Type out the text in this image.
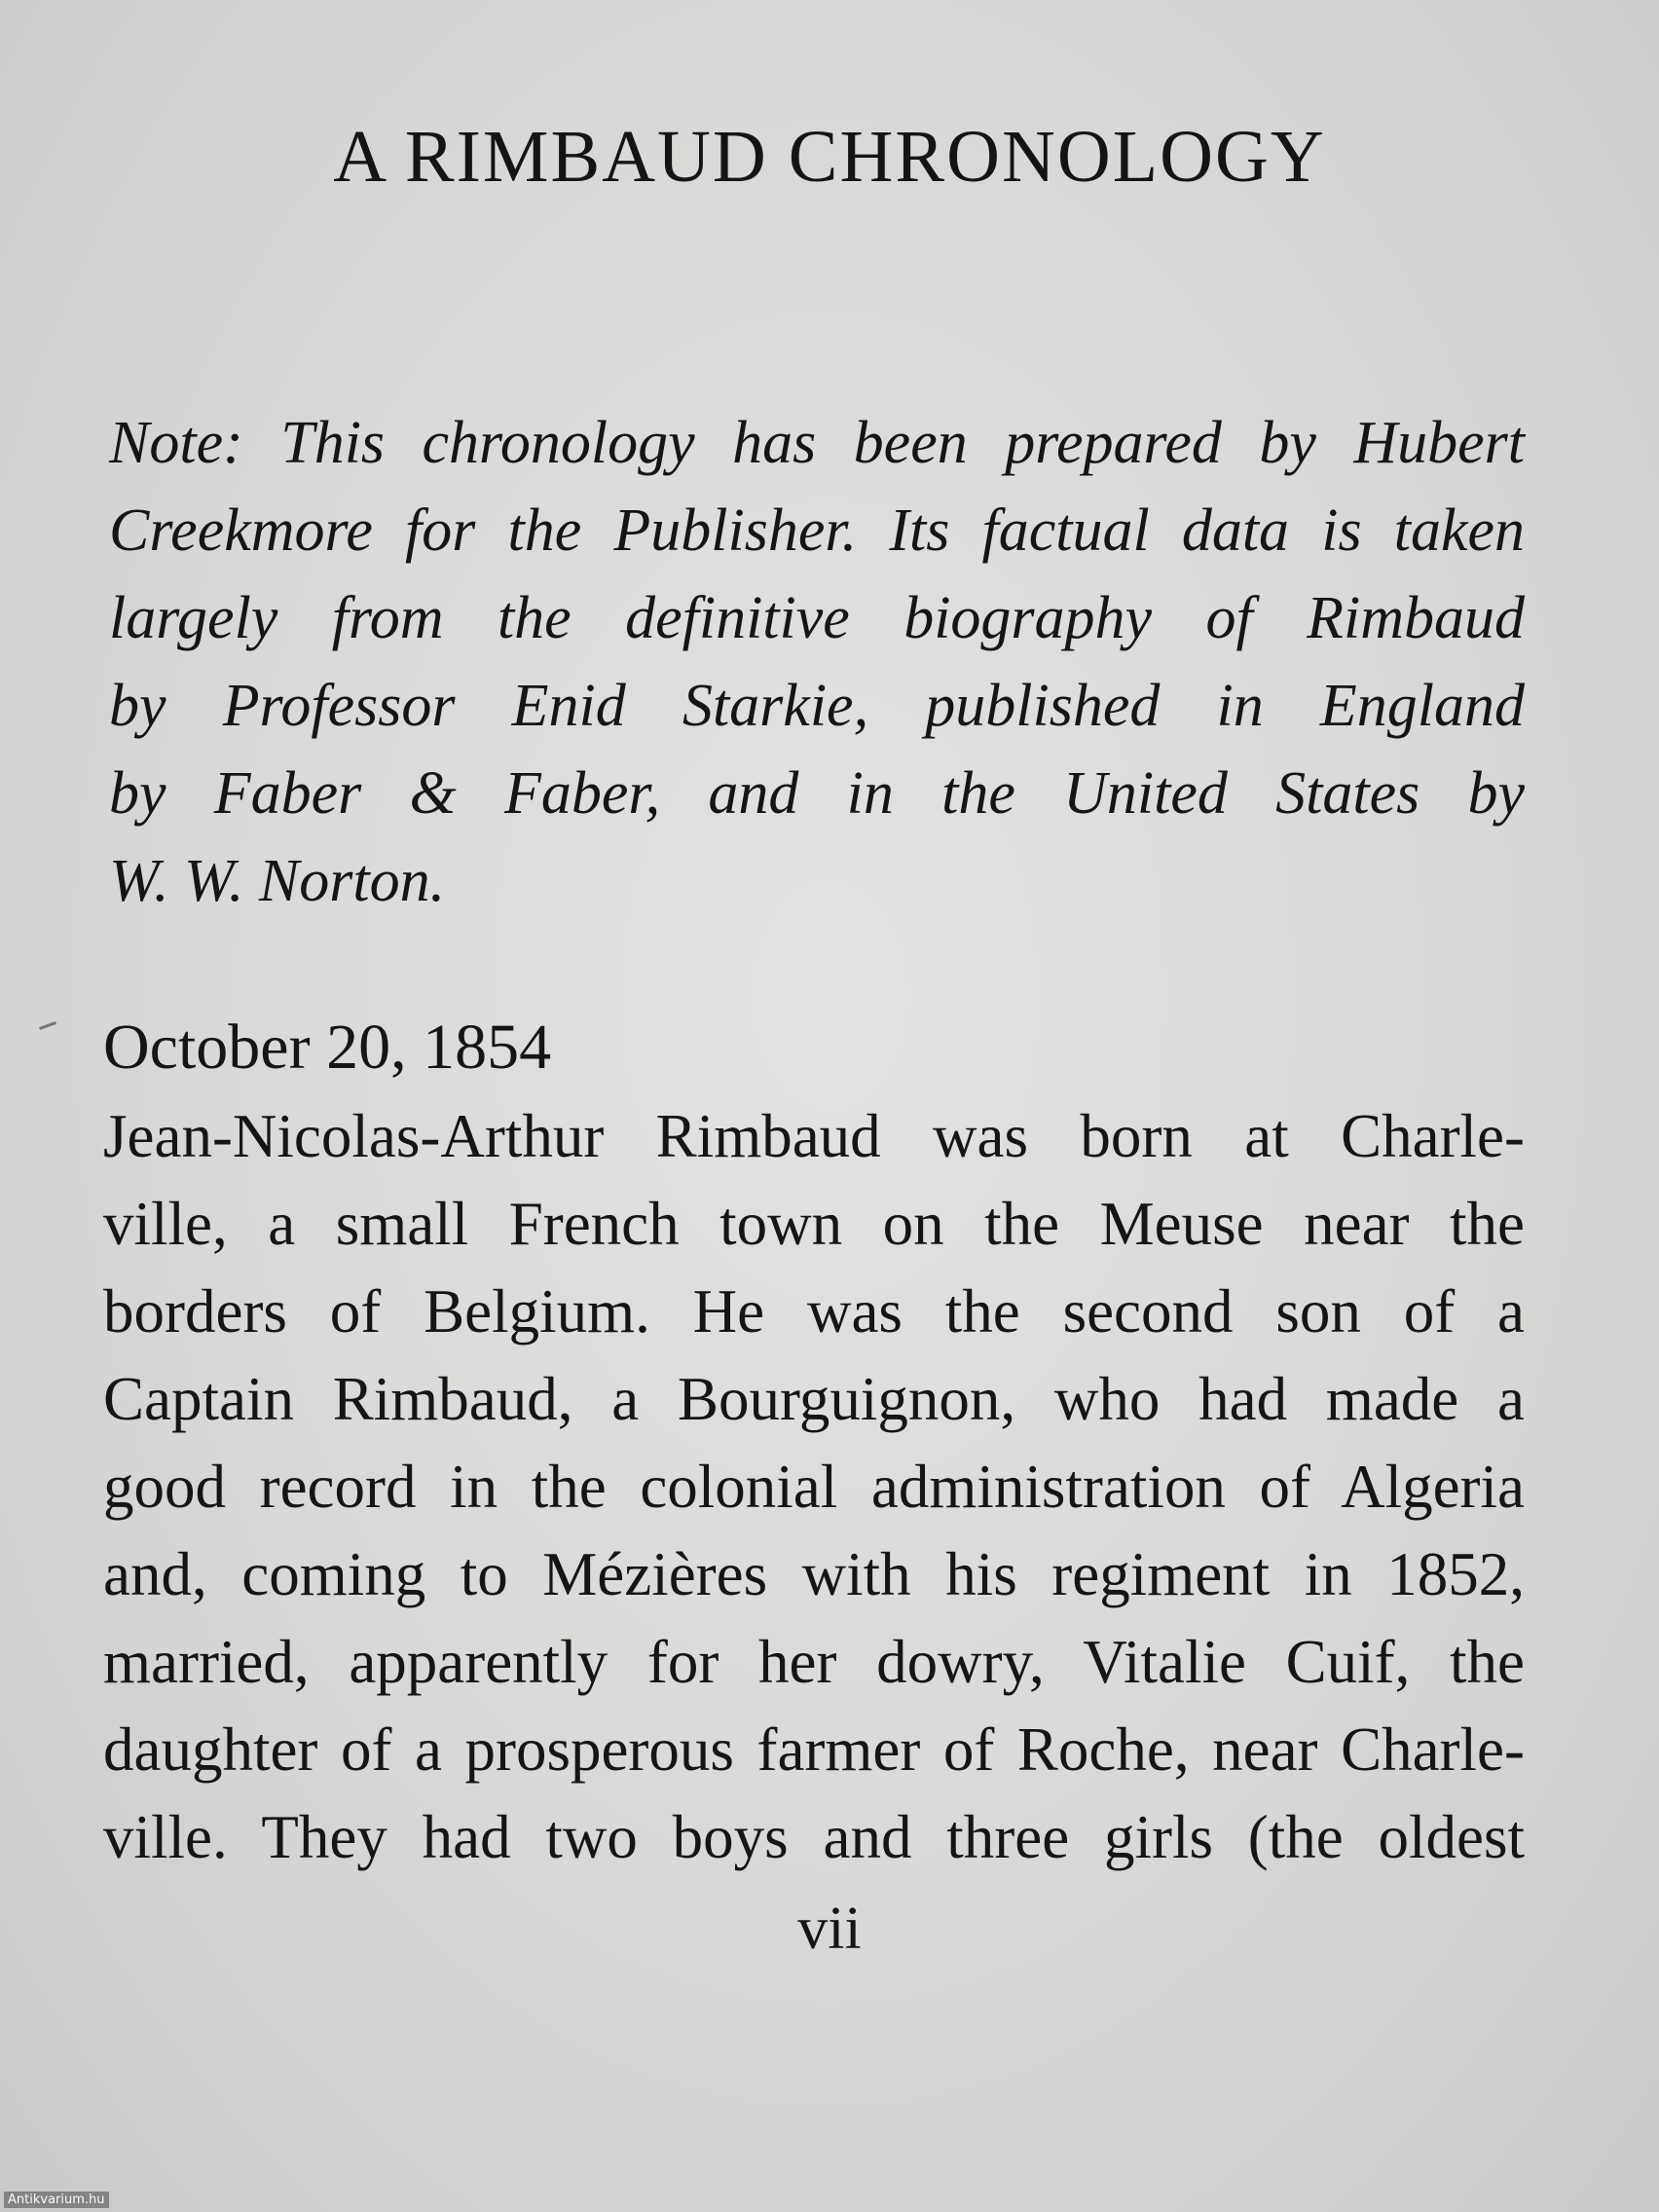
A RIMBAUD CHRONOLOGY
Note: This chronology has been prepared by Hubert
Creekmore for the Publisher. Its factual data is taken
largely from the definitive biography of Rimbaud
by Professor Enid Starkie, published in England
by Faber & Faber, and in the United States by
W. W. Norton.
October 20, 1854
Jean-Nicolas-Arthur Rimbaud was born at Charle-
ville, a small French town on the Meuse near the
borders of Belgium. He was the second son of a
Captain Rimbaud, a Bourguignon, who had made a
good record in the colonial administration of Algeria
and, coming to Mézières with his regiment in 1852,
married, apparently for her dowry, Vitalie Cuif, the
daughter of a prosperous farmer of Roche, near Charle-
ville. They had two boys and three girls (the oldest
vii
Antikvarium.hu
